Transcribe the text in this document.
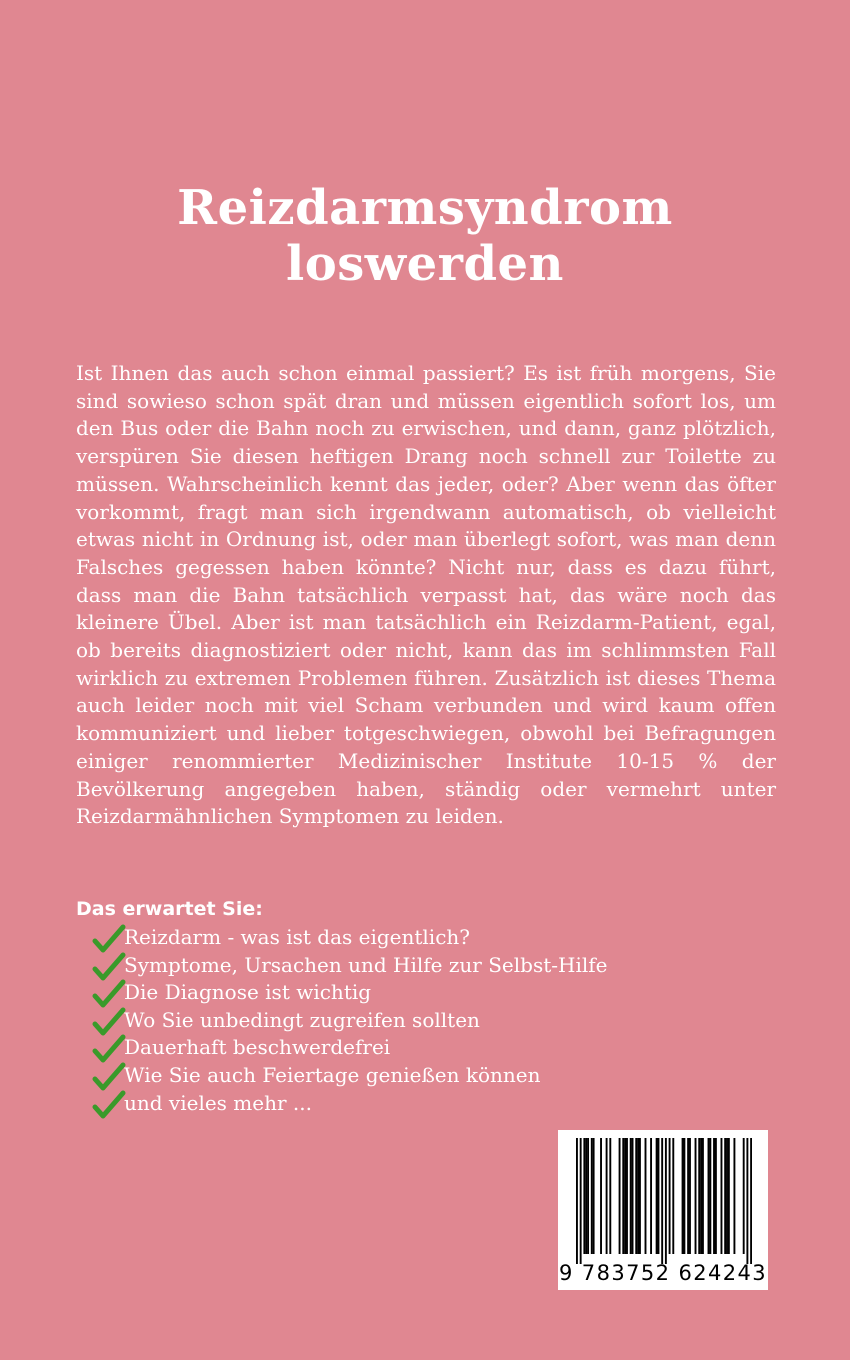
Reizdarmsyndrom
loswerden

Ist Ihnen das auch schon einmal passiert? Es ist früh morgens, Sie sind sowieso schon spät dran und müssen eigentlich sofort los, um den Bus oder die Bahn noch zu erwischen, und dann, ganz plötzlich, verspüren Sie diesen heftigen Drang noch schnell zur Toilette zu müssen. Wahrscheinlich kennt das jeder, oder? Aber wenn das öfter vorkommt, fragt man sich irgendwann automatisch, ob vielleicht etwas nicht in Ordnung ist, oder man überlegt sofort, was man denn Falsches gegessen haben könnte? Nicht nur, dass es dazu führt, dass man die Bahn tatsächlich verpasst hat, das wäre noch das kleinere Übel. Aber ist man tatsächlich ein Reizdarm-Patient, egal, ob bereits diagnostiziert oder nicht, kann das im schlimmsten Fall wirklich zu extremen Problemen führen. Zusätzlich ist dieses Thema auch leider noch mit viel Scham verbunden und wird kaum offen kommuniziert und lieber totgeschwiegen, obwohl bei Befragungen einiger renommierter Medizinischer Institute 10-15 % der Bevölkerung angegeben haben, ständig oder vermehrt unter Reizdarmähnlichen Symptomen zu leiden.

Das erwartet Sie:
Reizdarm - was ist das eigentlich?
Symptome, Ursachen und Hilfe zur Selbst-Hilfe
Die Diagnose ist wichtig
Wo Sie unbedingt zugreifen sollten
Dauerhaft beschwerdefrei
Wie Sie auch Feiertage genießen können
und vieles mehr ...
9 783752 624243
